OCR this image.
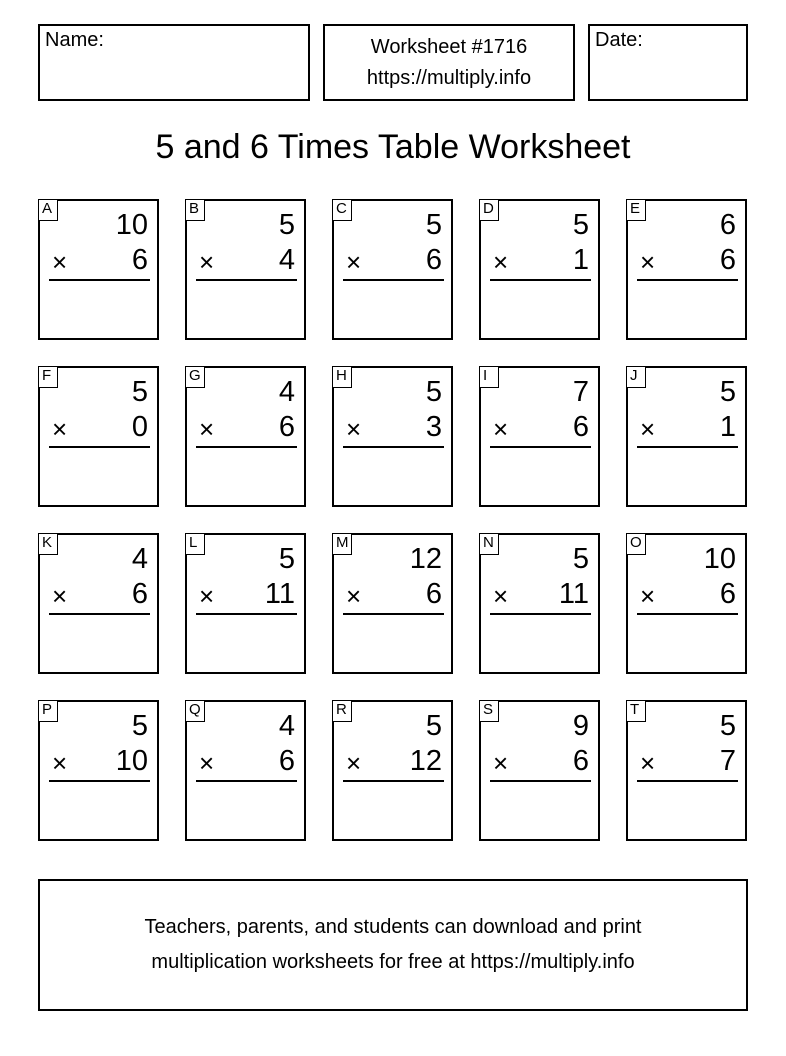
Name:	Worksheet #1716
https://multiply.info
Date:
5 and 6 Times Table Worksheet
A
10
× 6
B
5
× 4
C
5
× 6
D
5
× 1
E
6
× 6
F
5
× 0
G
4
× 6
H
5
× 3
I
7
× 6
J
5
× 1
K
4
× 6
L
5
× 11
M
12
× 6
N
5
× 11
O
10
× 6
P
5
× 10
Q
4
× 6
R
5
× 12
S
9
× 6
T
5
× 7
Teachers, parents, and students can download and print
multiplication worksheets for free at https://multiply.info
